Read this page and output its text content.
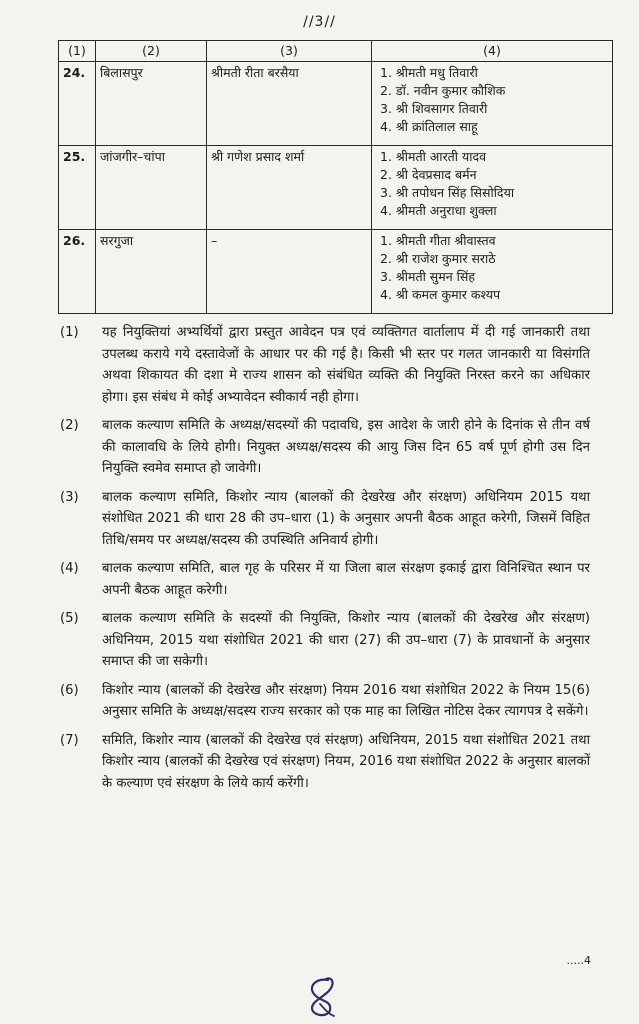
//3//
(1)	(2)	(3)	(4)
24.	बिलासपुर	श्रीमती रीता बरसैया	1. श्रीमती मधु तिवारी
2. डॉ. नवीन कुमार कौशिक
3. श्री शिवसागर तिवारी
4. श्री क्रांतिलाल साहू

25.	जांजगीर–चांपा	श्री गणेश प्रसाद शर्मा	1. श्रीमती आरती यादव
2. श्री देवप्रसाद बर्मन
3. श्री तपोधन सिंह सिसोदिया
4. श्रीमती अनुराधा शुक्ला

26.	सरगुजा	–	1. श्रीमती गीता श्रीवास्तव
2. श्री राजेश कुमार सराठे
3. श्रीमती सुमन सिंह
4. श्री कमल कुमार कश्यप
(1)	यह नियुक्तियां अभ्यर्थियों द्वारा प्रस्तुत आवेदन पत्र एवं व्यक्तिगत वार्तालाप में दी गई जानकारी तथा उपलब्ध कराये गये दस्तावेजों के आधार पर की गई है। किसी भी स्तर पर गलत जानकारी या विसंगति अथवा शिकायत की दशा मे राज्य शासन को संबंधित व्यक्ति की नियुक्ति निरस्त करने का अधिकार होगा। इस संबंध मे कोई अभ्यावेदन स्वीकार्य नही होगा।
(2)	बालक कल्याण समिति के अध्यक्ष/सदस्यों की पदावधि, इस आदेश के जारी होने के दिनांक से तीन वर्ष की कालावधि के लिये होगी। नियुक्त अध्यक्ष/सदस्य की आयु जिस दिन 65 वर्ष पूर्ण होगी उस दिन नियुक्ति स्वमेव समाप्त हो जावेगी।
(3)	बालक कल्याण समिति, किशोर न्याय (बालकों की देखरेख और संरक्षण) अधिनियम 2015 यथा संशोधित 2021 की धारा 28 की उप–धारा (1) के अनुसार अपनी बैठक आहूत करेगी, जिसमें विहित तिथि/समय पर अध्यक्ष/सदस्य की उपस्थिति अनिवार्य होगी।
(4)	बालक कल्याण समिति, बाल गृह के परिसर में या जिला बाल संरक्षण इकाई द्वारा विनिश्चित स्थान पर अपनी बैठक आहूत करेगी।
(5)	बालक कल्याण समिति के सदस्यों की नियुक्ति, किशोर न्याय (बालकों की देखरेख और संरक्षण) अधिनियम, 2015 यथा संशोधित 2021 की धारा (27) की उप–धारा (7) के प्रावधानों के अनुसार समाप्त की जा सकेगी।
(6)	किशोर न्याय (बालकों की देखरेख और संरक्षण) नियम 2016 यथा संशोधित 2022 के नियम 15(6) अनुसार समिति के अध्यक्ष/सदस्य राज्य सरकार को एक माह का लिखित नोटिस देकर त्यागपत्र दे सकेंगे।
(7)	समिति, किशोर न्याय (बालकों की देखरेख एवं संरक्षण) अधिनियम, 2015 यथा संशोधित 2021 तथा किशोर न्याय (बालकों की देखरेख एवं संरक्षण) नियम, 2016 यथा संशोधित 2022 के अनुसार बालकों के कल्याण एवं संरक्षण के लिये कार्य करेंगी।
.....4
